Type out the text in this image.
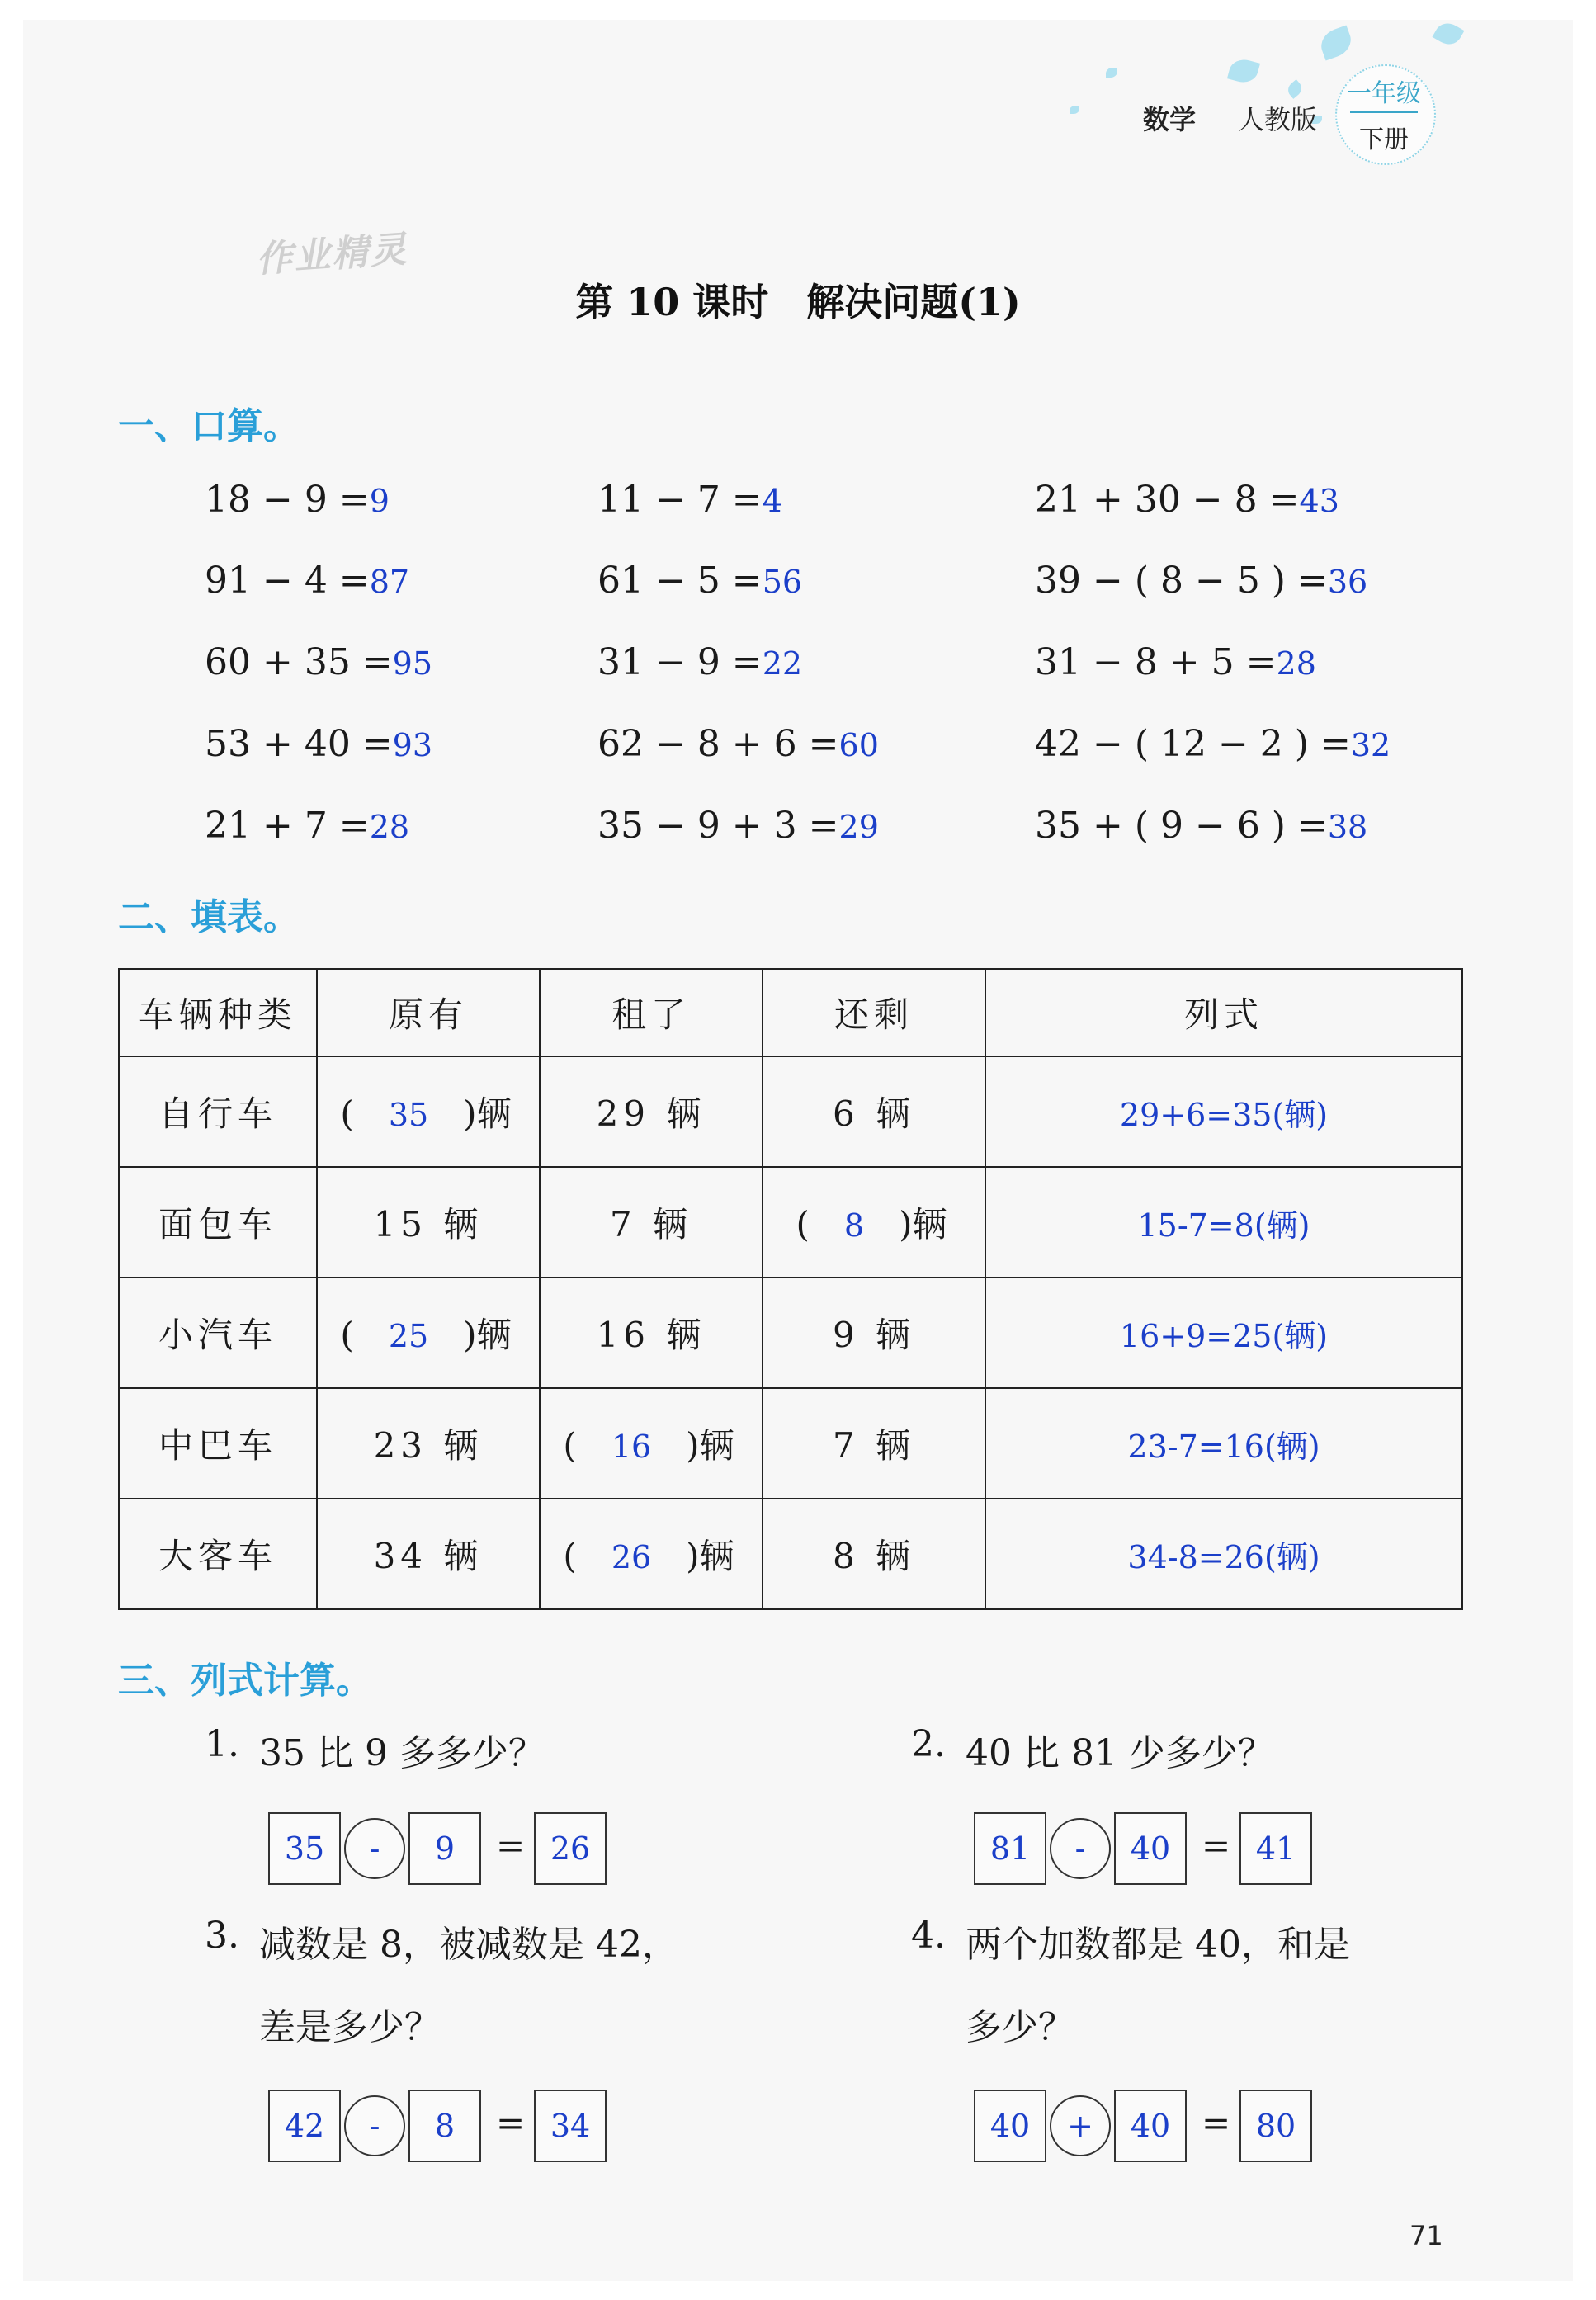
数学 人教版
一年级
下册
作业精灵
第 10 课时　解决问题(1)
一、口算。
18 − 9 =9	11 − 7 =4	21 + 30 − 8 =43
91 − 4 =87	61 − 5 =56	39 − ( 8 − 5 ) =36
60 + 35 =95	31 − 9 =22	31 − 8 + 5 =28
53 + 40 =93	62 − 8 + 6 =60	42 − ( 12 − 2 ) =32
21 + 7 =28	35 − 9 + 3 =29	35 + ( 9 − 6 ) =38
二、填表。
车辆种类	原有	租了	还剩	列式
自行车	( 35 )辆	29 辆	6 辆	29+6=35(辆)
面包车	15 辆	7 辆	( 8 )辆	15-7=8(辆)
小汽车	( 25 )辆	16 辆	9 辆	16+9=25(辆)
中巴车	23 辆	( 16 )辆	7 辆	23-7=16(辆)
大客车	34 辆	( 26 )辆	8 辆	34-8=26(辆)
三、列式计算。
1. 35 比 9 多多少？
35	-	9	= 26
2. 40 比 81 少多少？
81	-	40 = 41
3. 减数是 8，被减数是 42，
差是多少？
42	-	8	= 34
4. 两个加数都是 40，和是
多少？
40	+	40 = 80
71
